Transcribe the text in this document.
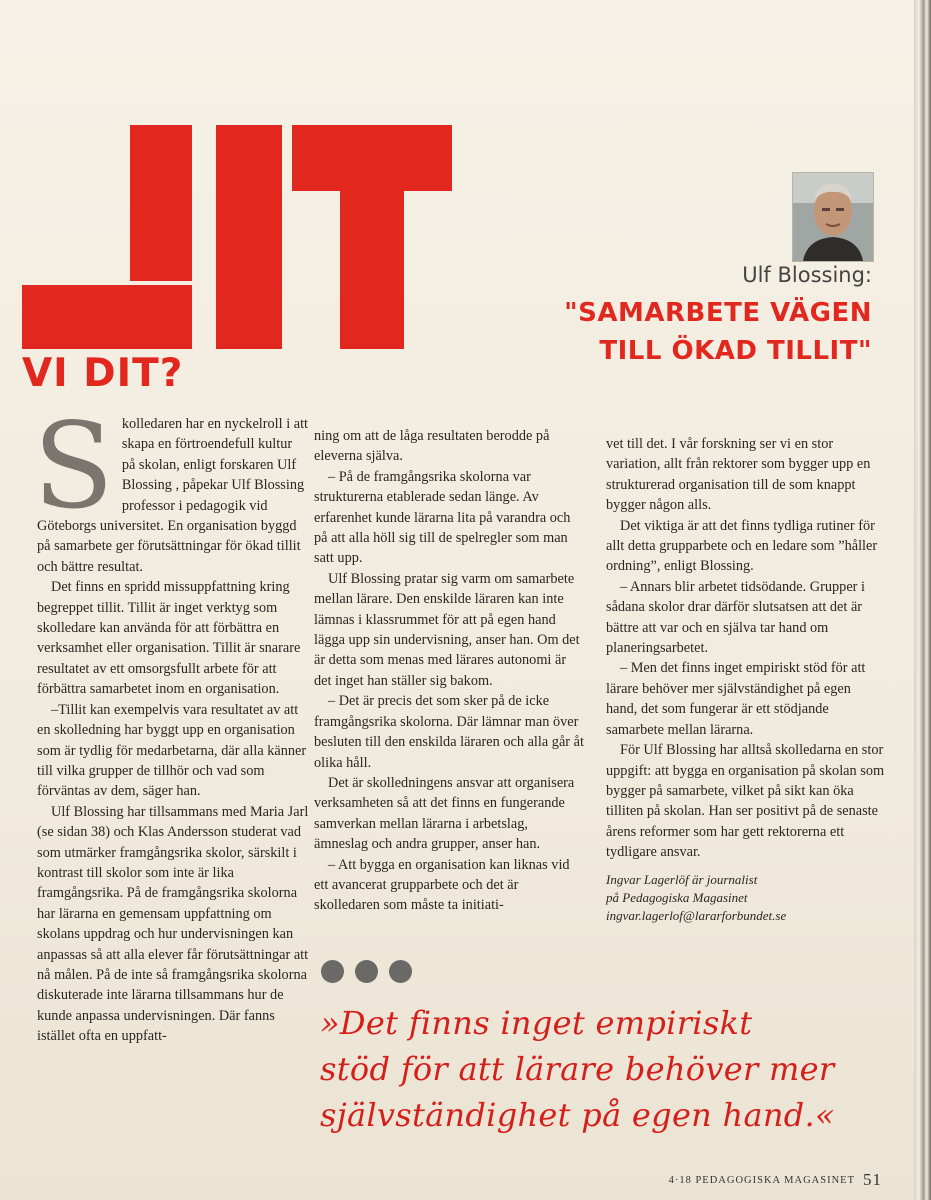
VI DIT?

Ulf Blossing:

"SAMARBETE VÄGEN
TILL ÖKAD TILLIT"
S kolledaren har en nyckelroll i att skapa en förtroendefull kultur på skolan, enligt forskaren Ulf Blossing , påpekar Ulf Blossing professor i pedagogik vid Göteborgs universitet. En organisation byggd på samarbete ger förutsättningar för ökad tillit och bättre resultat.

Det finns en spridd missuppfattning kring begreppet tillit. Tillit är inget verktyg som skolledare kan använda för att förbättra en verksamhet eller organisation. Tillit är snarare resultatet av ett omsorgsfullt arbete för att förbättra samarbetet inom en organisation.

–Tillit kan exempelvis vara resultatet av att en skolledning har byggt upp en organisation som är tydlig för medarbetarna, där alla känner till vilka grupper de tillhör och vad som förväntas av dem, säger han.

Ulf Blossing har tillsammans med Maria Jarl (se sidan 38) och Klas Andersson studerat vad som utmärker framgångsrika skolor, särskilt i kontrast till skolor som inte är lika framgångsrika. På de framgångsrika skolorna har lärarna en gemensam uppfattning om skolans uppdrag och hur undervisningen kan anpassas så att alla elever får förutsättningar att nå målen. På de inte så framgångsrika skolorna diskuterade inte lärarna tillsammans hur de kunde anpassa undervisningen. Där fanns istället ofta en uppfatt-

ning om att de låga resultaten berodde på eleverna själva.

– På de framgångsrika skolorna var strukturerna etablerade sedan länge. Av erfarenhet kunde lärarna lita på varandra och på att alla höll sig till de spelregler som man satt upp.

Ulf Blossing pratar sig varm om samarbete mellan lärare. Den enskilde läraren kan inte lämnas i klassrummet för att på egen hand lägga upp sin undervisning, anser han. Om det är detta som menas med lärares autonomi är det inget han ställer sig bakom.

– Det är precis det som sker på de icke framgångsrika skolorna. Där lämnar man över besluten till den enskilda läraren och alla går åt olika håll.

Det är skolledningens ansvar att organisera verksamheten så att det finns en fungerande samverkan mellan lärarna i arbetslag, ämneslag och andra grupper, anser han.

– Att bygga en organisation kan liknas vid ett avancerat grupparbete och det är skolledaren som måste ta initiati-

vet till det. I vår forskning ser vi en stor variation, allt från rektorer som bygger upp en strukturerad organisation till de som knappt bygger någon alls.

Det viktiga är att det finns tydliga rutiner för allt detta grupparbete och en ledare som ”håller ordning”, enligt Blossing.

– Annars blir arbetet tidsödande. Grupper i sådana skolor drar därför slutsatsen att det är bättre att var och en själva tar hand om planeringsarbetet.

– Men det finns inget empiriskt stöd för att lärare behöver mer självständighet på egen hand, det som fungerar är ett stödjande samarbete mellan lärarna.

För Ulf Blossing har alltså skolledarna en stor uppgift: att bygga en organisation på skolan som bygger på samarbete, vilket på sikt kan öka tilliten på skolan. Han ser positivt på de senaste årens reformer som har gett rektorerna ett tydligare ansvar.

Ingvar Lagerlöf är journalist

på Pedagogiska Magasinet

ingvar.lagerlof@lararforbundet.se

»Det finns inget empiriskt
stöd för att lärare behöver mer
självständighet på egen hand.«

4·18 PEDAGOGISKA MAGASINET 51
